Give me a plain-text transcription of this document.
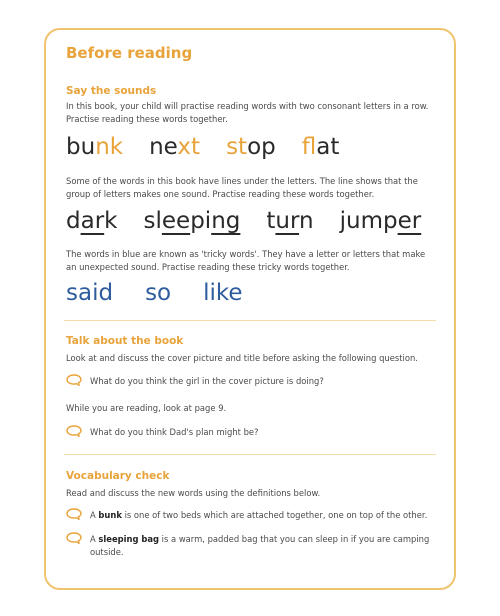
Before reading
Say the sounds
In this book, your child will practise reading words with two consonant letters in a row. Practise reading these words together.
bunk next stop flat
Some of the words in this book have lines under the letters. The line shows that the group of letters makes one sound. Practise reading these words together.
dark sleeping turn jumper
The words in blue are known as 'tricky words'. They have a letter or letters that make an unexpected sound. Practise reading these tricky words together.
said so like
Talk about the book
Look at and discuss the cover picture and title before asking the following question.
What do you think the girl in the cover picture is doing?
While you are reading, look at page 9.
What do you think Dad's plan might be?
Vocabulary check
Read and discuss the new words using the definitions below.
A bunk is one of two beds which are attached together, one on top of the other.
A sleeping bag is a warm, padded bag that you can sleep in if you are camping outside.
